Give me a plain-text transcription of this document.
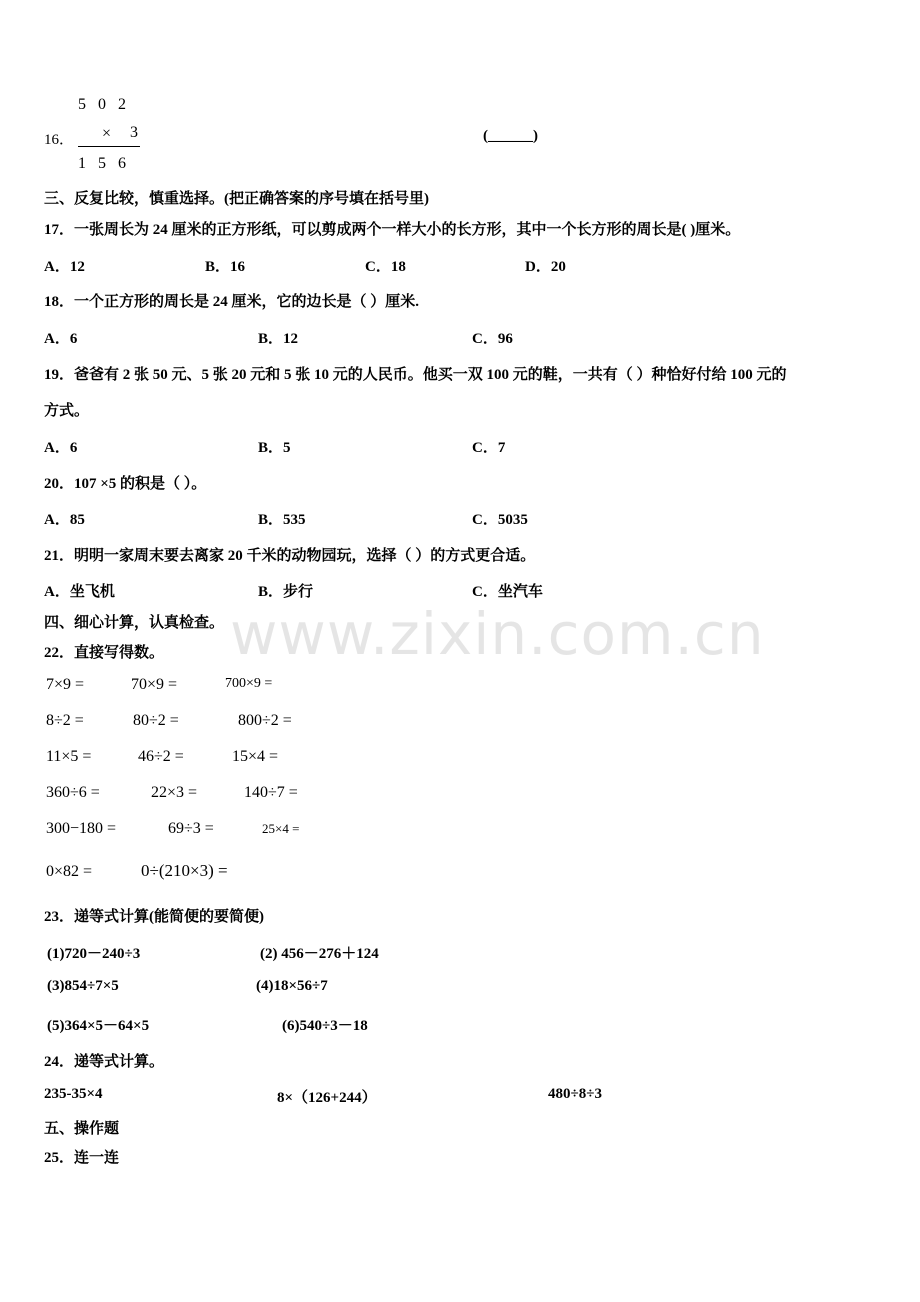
5 0 2
16． × 3
1 5 6
(______)
三、反复比较，慎重选择。(把正确答案的序号填在括号里)
17．一张周长为 24 厘米的正方形纸，可以剪成两个一样大小的长方形，其中一个长方形的周长是( )厘米。
A．12	B．16	C．18	D．20
18．一个正方形的周长是 24 厘米，它的边长是（ ）厘米.
A．6	B．12	C．96
19．爸爸有 2 张 50 元、5 张 20 元和 5 张 10 元的人民币。他买一双 100 元的鞋，一共有（ ）种恰好付给 100 元的
方式。
A．6	B．5	C．7
20．107 ×5 的积是（ ）。
A．85	B．535	C．5035
21．明明一家周末要去离家 20 千米的动物园玩，选择（ ）的方式更合适。
A．坐飞机	B．步行	C．坐汽车
四、细心计算，认真检查。
22．直接写得数。
7×9 =	70×9 =	700×9 =
8÷2 =	80÷2 =	800÷2 =
11×5 =	46÷2 =	15×4 =
360÷6 =	22×3 =	140÷7 =
300−180 =	69÷3 =	25×4 =
0×82 =	0÷(210×3) =
23．递等式计算(能简便的要简便)
(1)720－240÷3	(2) 456－276＋124
(3)854÷7×5	(4)18×56÷7
(5)364×5－64×5	(6)540÷3－18
24．递等式计算。
235-35×4	8×（126+244）	480÷8÷3
五、操作题
25．连一连
www.zixin.com.cn
